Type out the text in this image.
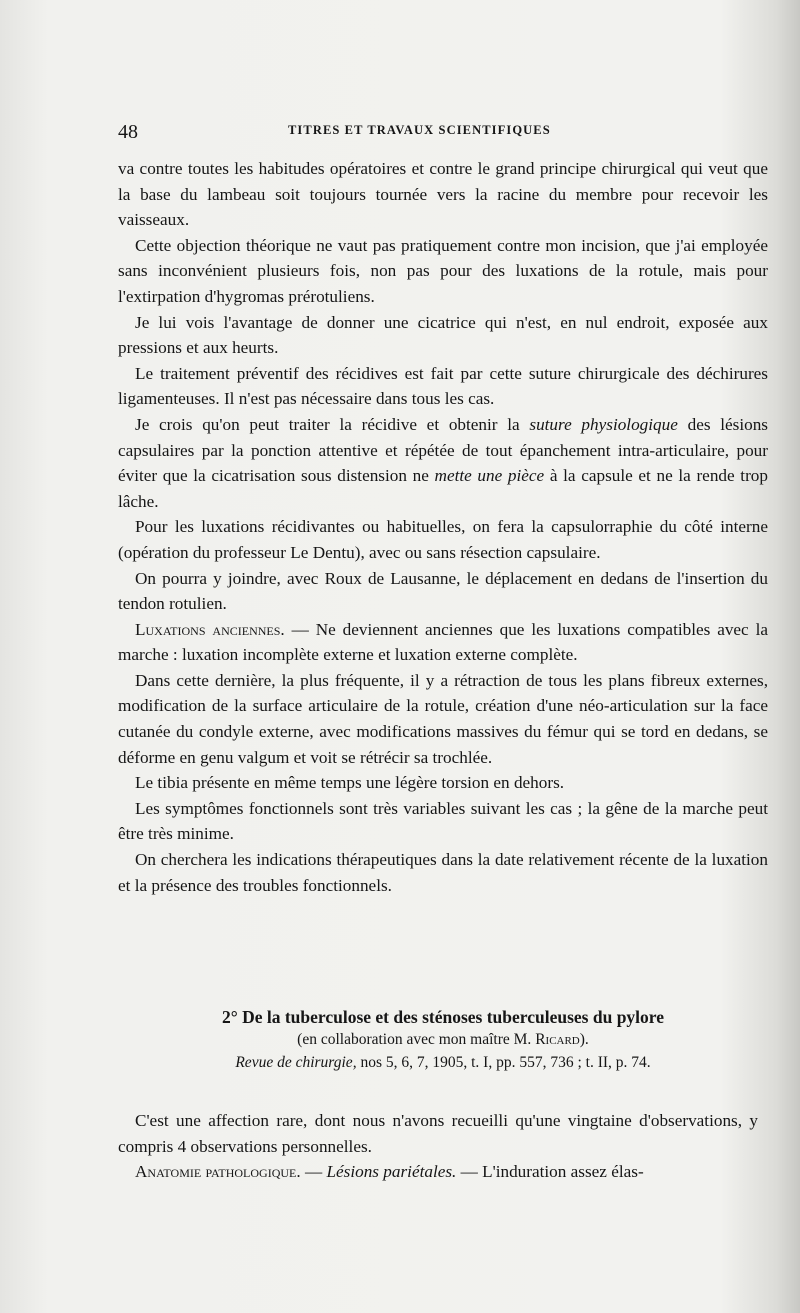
48	TITRES ET TRAVAUX SCIENTIFIQUES

va contre toutes les habitudes opératoires et contre le grand principe chirurgical qui veut que la base du lambeau soit toujours tournée vers la racine du membre pour recevoir les vaisseaux.

Cette objection théorique ne vaut pas pratiquement contre mon incision, que j'ai employée sans inconvénient plusieurs fois, non pas pour des luxations de la rotule, mais pour l'extirpation d'hygromas prérotuliens.

Je lui vois l'avantage de donner une cicatrice qui n'est, en nul endroit, exposée aux pressions et aux heurts.

Le traitement préventif des récidives est fait par cette suture chirurgicale des déchirures ligamenteuses. Il n'est pas nécessaire dans tous les cas.

Je crois qu'on peut traiter la récidive et obtenir la suture physiologique des lésions capsulaires par la ponction attentive et répétée de tout épanchement intra-articulaire, pour éviter que la cicatrisation sous distension ne mette une pièce à la capsule et ne la rende trop lâche.

Pour les luxations récidivantes ou habituelles, on fera la capsulorraphie du côté interne (opération du professeur Le Dentu), avec ou sans résection capsulaire.

On pourra y joindre, avec Roux de Lausanne, le déplacement en dedans de l'insertion du tendon rotulien.

Luxations anciennes. — Ne deviennent anciennes que les luxations compatibles avec la marche : luxation incomplète externe et luxation externe complète.

Dans cette dernière, la plus fréquente, il y a rétraction de tous les plans fibreux externes, modification de la surface articulaire de la rotule, création d'une néo-articulation sur la face cutanée du condyle externe, avec modifications massives du fémur qui se tord en dedans, se déforme en genu valgum et voit se rétrécir sa trochlée.

Le tibia présente en même temps une légère torsion en dehors.

Les symptômes fonctionnels sont très variables suivant les cas ; la gêne de la marche peut être très minime.

On cherchera les indications thérapeutiques dans la date relativement récente de la luxation et la présence des troubles fonctionnels.

2° De la tuberculose et des sténoses tuberculeuses du pylore

(en collaboration avec mon maître M. Ricard).

Revue de chirurgie, nos 5, 6, 7, 1905, t. I, pp. 557, 736 ; t. II, p. 74.

C'est une affection rare, dont nous n'avons recueilli qu'une vingtaine d'observations, y compris 4 observations personnelles.

Anatomie pathologique. — Lésions pariétales. — L'induration assez élas-
